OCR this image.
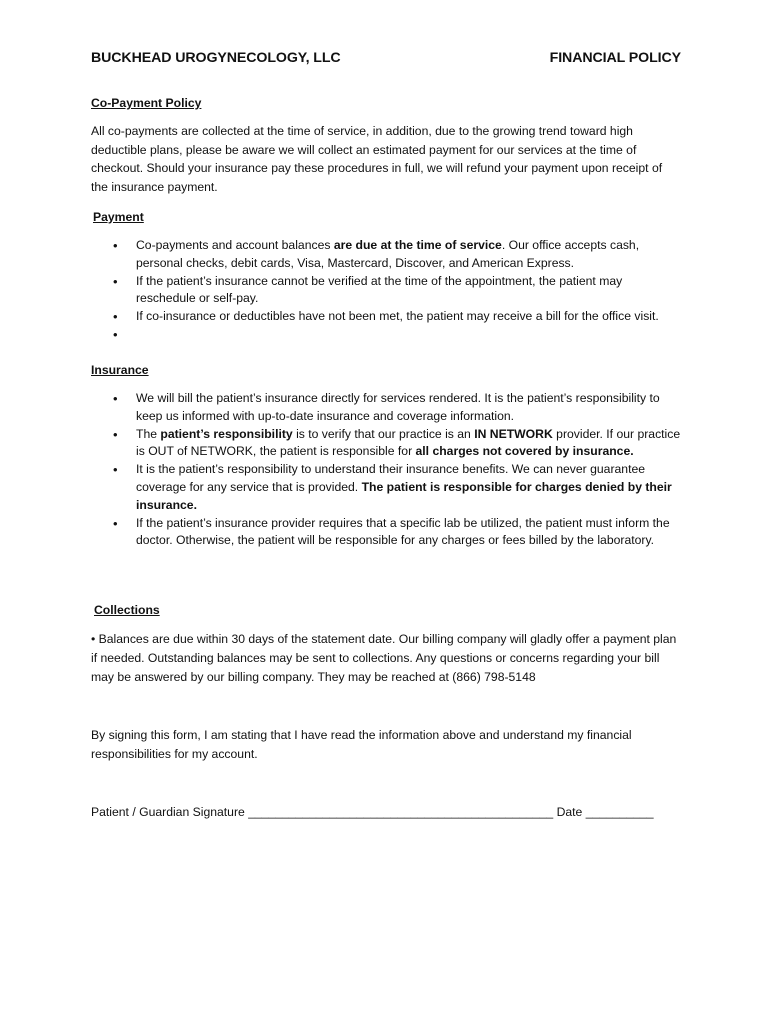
BUCKHEAD UROGYNECOLOGY, LLC	FINANCIAL POLICY
Co-Payment Policy

All co-payments are collected at the time of service, in addition, due to the growing trend toward high deductible plans, please be aware we will collect an estimated payment for our services at the time of checkout. Should your insurance pay these procedures in full, we will refund your payment upon receipt of the insurance payment.

Payment
• Co-payments and account balances are due at the time of service. Our office accepts cash, personal checks, debit cards, Visa, Mastercard, Discover, and American Express.
• If the patient’s insurance cannot be verified at the time of the appointment, the patient may reschedule or self-pay.
• If co-insurance or deductibles have not been met, the patient may receive a bill for the office visit.
•
Insurance
• We will bill the patient’s insurance directly for services rendered. It is the patient’s responsibility to keep us informed with up-to-date insurance and coverage information.
• The patient’s responsibility is to verify that our practice is an IN NETWORK provider. If our practice is OUT of NETWORK, the patient is responsible for all charges not covered by insurance.
• It is the patient’s responsibility to understand their insurance benefits. We can never guarantee coverage for any service that is provided. The patient is responsible for charges denied by their insurance.
• If the patient’s insurance provider requires that a specific lab be utilized, the patient must inform the doctor. Otherwise, the patient will be responsible for any charges or fees billed by the laboratory.
Collections

• Balances are due within 30 days of the statement date. Our billing company will gladly offer a payment plan if needed. Outstanding balances may be sent to collections. Any questions or concerns regarding your bill may be answered by our billing company. They may be reached at (866) 798-5148

By signing this form, I am stating that I have read the information above and understand my financial responsibilities for my account.

Patient / Guardian Signature _____________________________________________ Date __________
